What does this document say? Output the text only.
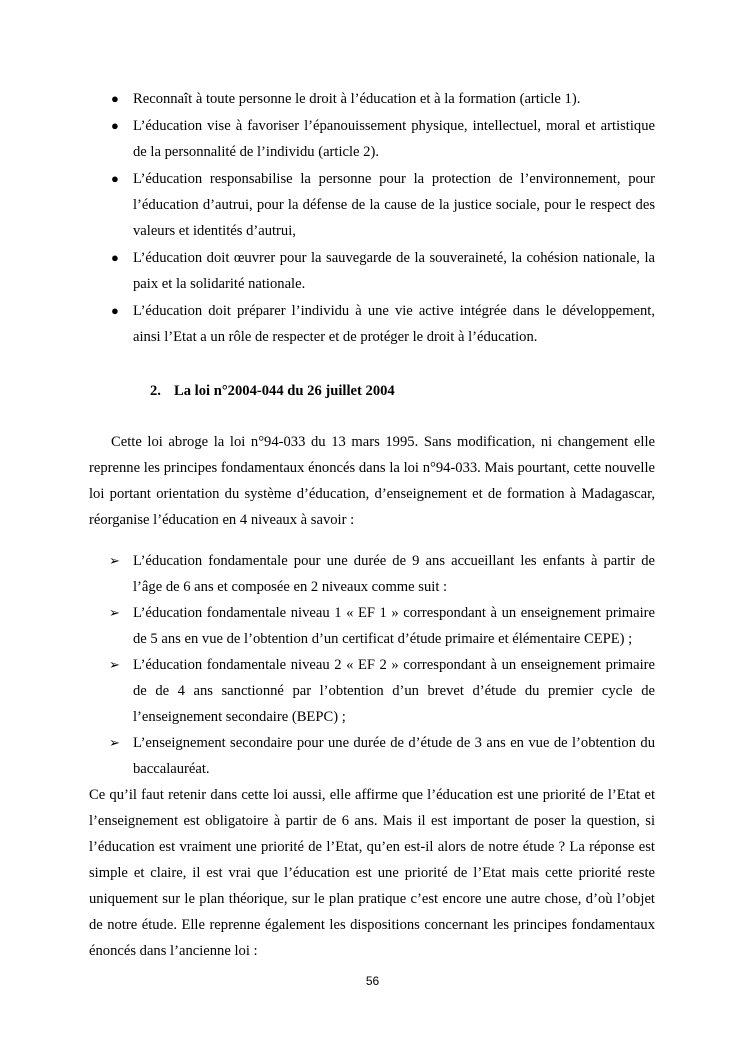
● Reconnaît à toute personne le droit à l’éducation et à la formation (article 1).
● L’éducation vise à favoriser l’épanouissement physique, intellectuel, moral et artistique de la personnalité de l’individu (article 2).
● L’éducation responsabilise la personne pour la protection de l’environnement, pour l’éducation d’autrui, pour la défense de la cause de la justice sociale, pour le respect des valeurs et identités d’autrui,
● L’éducation doit œuvrer pour la sauvegarde de la souveraineté, la cohésion nationale, la paix et la solidarité nationale.
● L’éducation doit préparer l’individu à une vie active intégrée dans le développement, ainsi l’Etat a un rôle de respecter et de protéger le droit à l’éducation.
2. La loi n°2004-044 du 26 juillet 2004

Cette loi abroge la loi n°94-033 du 13 mars 1995. Sans modification, ni changement elle reprenne les principes fondamentaux énoncés dans la loi n°94-033. Mais pourtant, cette nouvelle loi portant orientation du système d’éducation, d’enseignement et de formation à Madagascar, réorganise l’éducation en 4 niveaux à savoir :

➢ L’éducation fondamentale pour une durée de 9 ans accueillant les enfants à partir de l’âge de 6 ans et composée en 2 niveaux comme suit :
➢ L’éducation fondamentale niveau 1 « EF 1 » correspondant à un enseignement primaire de 5 ans en vue de l’obtention d’un certificat d’étude primaire et élémentaire CEPE) ;
➢ L’éducation fondamentale niveau 2 « EF 2 » correspondant à un enseignement primaire de de 4 ans sanctionné par l’obtention d’un brevet d’étude du premier cycle de l’enseignement secondaire (BEPC) ;
➢ L’enseignement secondaire pour une durée de d’étude de 3 ans en vue de l’obtention du baccalauréat.

Ce qu’il faut retenir dans cette loi aussi, elle affirme que l’éducation est une priorité de l’Etat et l’enseignement est obligatoire à partir de 6 ans. Mais il est important de poser la question, si l’éducation est vraiment une priorité de l’Etat, qu’en est-il alors de notre étude ? La réponse est simple et claire, il est vrai que l’éducation est une priorité de l’Etat mais cette priorité reste uniquement sur le plan théorique, sur le plan pratique c’est encore une autre chose, d’où l’objet de notre étude. Elle reprenne également les dispositions concernant les principes fondamentaux énoncés dans l’ancienne loi :

56
